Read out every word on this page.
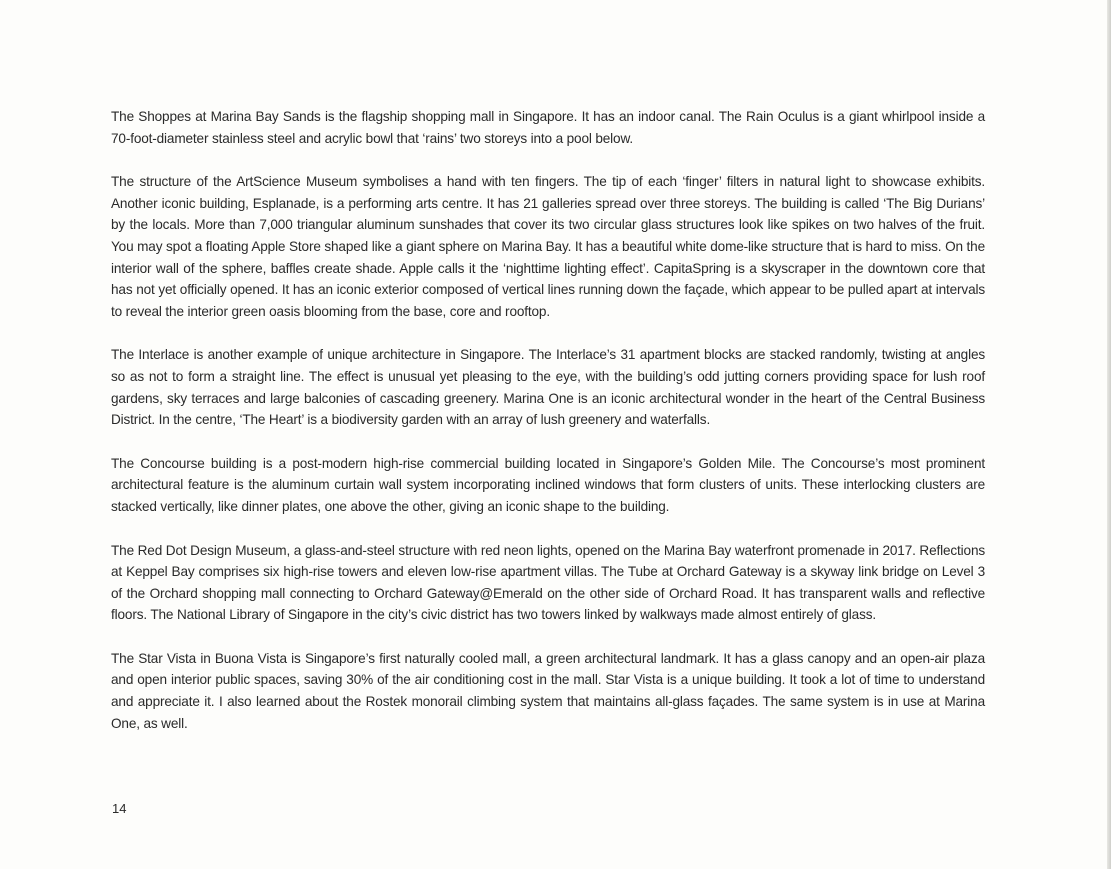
The Shoppes at Marina Bay Sands is the flagship shopping mall in Singapore. It has an indoor canal. The Rain Oculus is a giant whirlpool inside a 70-foot-diameter stainless steel and acrylic bowl that ‘rains’ two storeys into a pool below.

The structure of the ArtScience Museum symbolises a hand with ten fingers. The tip of each ‘finger’ filters in natural light to showcase exhibits. Another iconic building, Esplanade, is a performing arts centre. It has 21 galleries spread over three storeys. The building is called ‘The Big Durians’ by the locals. More than 7,000 triangular aluminum sunshades that cover its two circular glass structures look like spikes on two halves of the fruit. You may spot a floating Apple Store shaped like a giant sphere on Marina Bay. It has a beautiful white dome-like structure that is hard to miss. On the interior wall of the sphere, baffles create shade. Apple calls it the ‘nighttime lighting effect’. CapitaSpring is a skyscraper in the downtown core that has not yet officially opened. It has an iconic exterior composed of vertical lines running down the façade, which appear to be pulled apart at intervals to reveal the interior green oasis blooming from the base, core and rooftop.

The Interlace is another example of unique architecture in Singapore. The Interlace’s 31 apartment blocks are stacked randomly, twisting at angles so as not to form a straight line. The effect is unusual yet pleasing to the eye, with the building’s odd jutting corners providing space for lush roof gardens, sky terraces and large balconies of cascading greenery. Marina One is an iconic architectural wonder in the heart of the Central Business District. In the centre, ‘The Heart’ is a biodiversity garden with an array of lush greenery and waterfalls.

The Concourse building is a post-modern high-rise commercial building located in Singapore’s Golden Mile. The Concourse’s most prominent architectural feature is the aluminum curtain wall system incorporating inclined windows that form clusters of units. These interlocking clusters are stacked vertically, like dinner plates, one above the other, giving an iconic shape to the building.

The Red Dot Design Museum, a glass-and-steel structure with red neon lights, opened on the Marina Bay waterfront promenade in 2017. Reflections at Keppel Bay comprises six high-rise towers and eleven low-rise apartment villas. The Tube at Orchard Gateway is a skyway link bridge on Level 3 of the Orchard shopping mall connecting to Orchard Gateway@Emerald on the other side of Orchard Road. It has transparent walls and reflective floors. The National Library of Singapore in the city’s civic district has two towers linked by walkways made almost entirely of glass.

The Star Vista in Buona Vista is Singapore’s first naturally cooled mall, a green architectural landmark. It has a glass canopy and an open-air plaza and open interior public spaces, saving 30% of the air conditioning cost in the mall. Star Vista is a unique building. It took a lot of time to understand and appreciate it. I also learned about the Rostek monorail climbing system that maintains all-glass façades. The same system is in use at Marina One, as well.

14
